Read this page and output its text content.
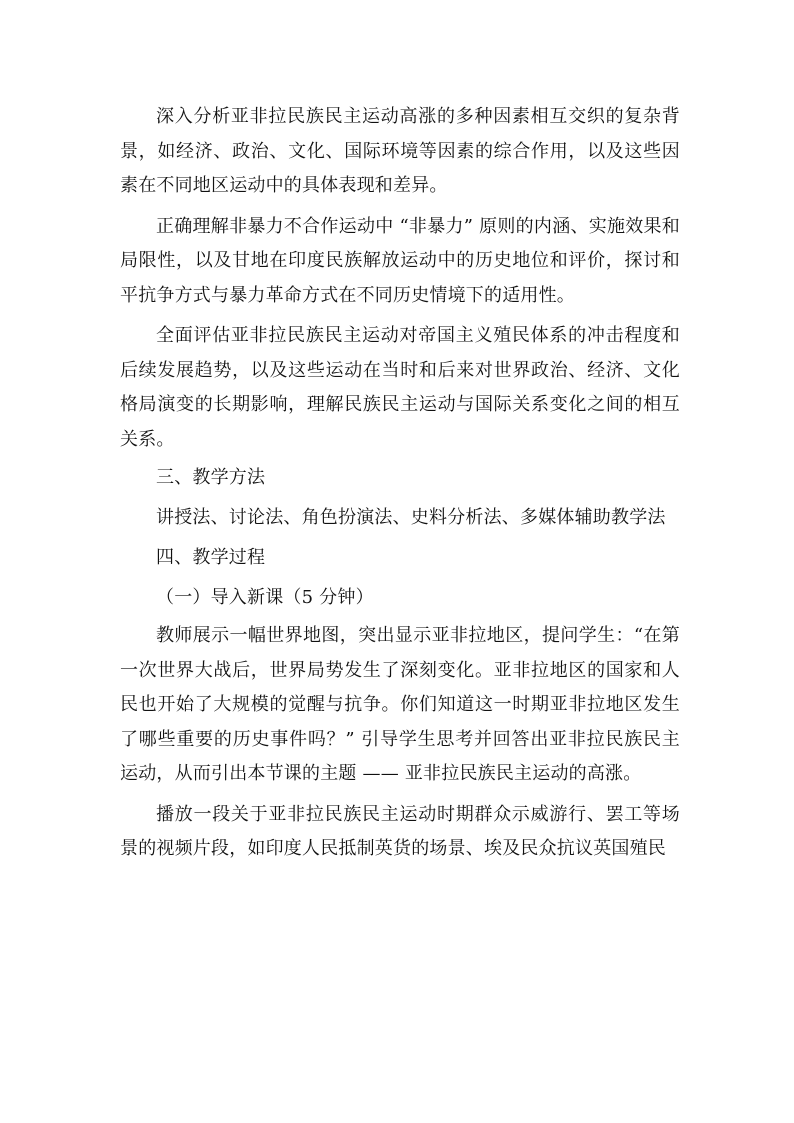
深入分析亚非拉民族民主运动高涨的多种因素相互交织的复杂背景，如经济、政治、文化、国际环境等因素的综合作用，以及这些因素在不同地区运动中的具体表现和差异。

正确理解非暴力不合作运动中 “非暴力” 原则的内涵、实施效果和局限性，以及甘地在印度民族解放运动中的历史地位和评价，探讨和平抗争方式与暴力革命方式在不同历史情境下的适用性。

全面评估亚非拉民族民主运动对帝国主义殖民体系的冲击程度和后续发展趋势，以及这些运动在当时和后来对世界政治、经济、文化格局演变的长期影响，理解民族民主运动与国际关系变化之间的相互关系。

三、教学方法

讲授法、讨论法、角色扮演法、史料分析法、多媒体辅助教学法

四、教学过程

（一）导入新课（5 分钟）

教师展示一幅世界地图，突出显示亚非拉地区，提问学生：“在第一次世界大战后，世界局势发生了深刻变化。亚非拉地区的国家和人民也开始了大规模的觉醒与抗争。你们知道这一时期亚非拉地区发生了哪些重要的历史事件吗？” 引导学生思考并回答出亚非拉民族民主运动，从而引出本节课的主题 —— 亚非拉民族民主运动的高涨。

播放一段关于亚非拉民族民主运动时期群众示威游行、罢工等场景的视频片段，如印度人民抵制英货的场景、埃及民众抗议英国殖民
